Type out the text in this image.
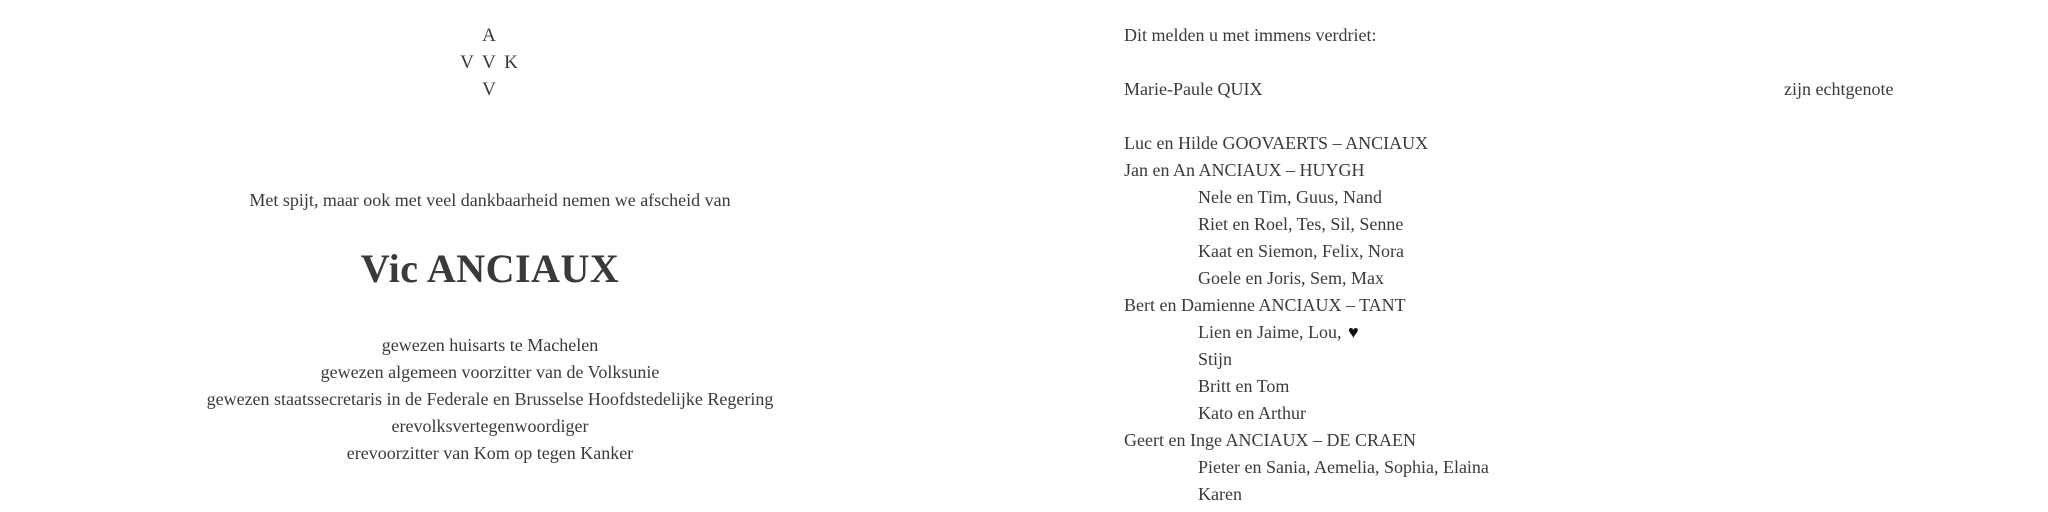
A
V V K
V
Met spijt, maar ook met veel dankbaarheid nemen we afscheid van
Vic ANCIAUX
gewezen huisarts te Machelen
gewezen algemeen voorzitter van de Volksunie
gewezen staatssecretaris in de Federale en Brusselse Hoofdstedelijke Regering
erevolksvertegenwoordiger
erevoorzitter van Kom op tegen Kanker
Dit melden u met immens verdriet:
Marie-Paule QUIX	zijn echtgenote
Luc en Hilde GOOVAERTS – ANCIAUX
Jan en An ANCIAUX – HUYGH
Nele en Tim, Guus, Nand
Riet en Roel, Tes, Sil, Senne
Kaat en Siemon, Felix, Nora
Goele en Joris, Sem, Max
Bert en Damienne ANCIAUX – TANT
Lien en Jaime, Lou, ♥
Stijn
Britt en Tom
Kato en Arthur
Geert en Inge ANCIAUX – DE CRAEN
Pieter en Sania, Aemelia, Sophia, Elaina
Karen
